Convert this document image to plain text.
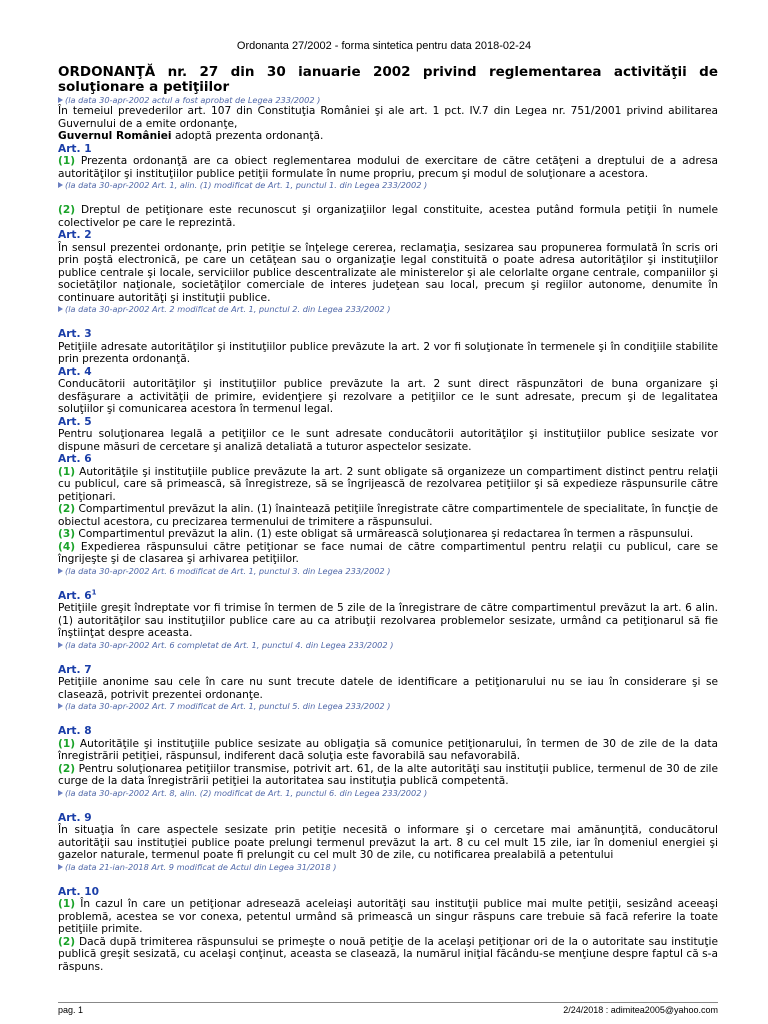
Ordonanta 27/2002 - forma sintetica pentru data 2018-02-24

ORDONANŢĂ nr. 27 din 30 ianuarie 2002 privind reglementarea activităţii de soluţionare a petiţiilor

(la data 30-apr-2002 actul a fost aprobat de Legea 233/2002 )

În temeiul prevederilor art. 107 din Constituţia României şi ale art. 1 pct. IV.7 din Legea nr. 751/2001 privind abilitarea Guvernului de a emite ordonanţe,

Guvernul României adoptă prezenta ordonanţă.

Art. 1

(1) Prezenta ordonanţă are ca obiect reglementarea modului de exercitare de către cetăţeni a dreptului de a adresa autorităţilor şi instituţiilor publice petiţii formulate în nume propriu, precum şi modul de soluţionare a acestora.

(la data 30-apr-2002 Art. 1, alin. (1) modificat de Art. 1, punctul 1. din Legea 233/2002 )

(2) Dreptul de petiţionare este recunoscut şi organizaţiilor legal constituite, acestea putând formula petiţii în numele colectivelor pe care le reprezintă.

Art. 2

În sensul prezentei ordonanţe, prin petiţie se înţelege cererea, reclamaţia, sesizarea sau propunerea formulată în scris ori prin poştă electronică, pe care un cetăţean sau o organizaţie legal constituită o poate adresa autorităţilor şi instituţiilor publice centrale şi locale, serviciilor publice descentralizate ale ministerelor şi ale celorlalte organe centrale, companiilor şi societăţilor naţionale, societăţilor comerciale de interes judeţean sau local, precum şi regiilor autonome, denumite în continuare autorităţi şi instituţii publice.

(la data 30-apr-2002 Art. 2 modificat de Art. 1, punctul 2. din Legea 233/2002 )
Art. 3

Petiţiile adresate autorităţilor şi instituţiilor publice prevăzute la art. 2 vor fi soluţionate în termenele şi în condiţiile stabilite prin prezenta ordonanţă.

Art. 4

Conducătorii autorităţilor şi instituţiilor publice prevăzute la art. 2 sunt direct răspunzători de buna organizare şi desfăşurare a activităţii de primire, evidenţiere şi rezolvare a petiţiilor ce le sunt adresate, precum şi de legalitatea soluţiilor şi comunicarea acestora în termenul legal.

Art. 5

Pentru soluţionarea legală a petiţiilor ce le sunt adresate conducătorii autorităţilor şi instituţiilor publice sesizate vor dispune măsuri de cercetare şi analiză detaliată a tuturor aspectelor sesizate.

Art. 6

(1) Autorităţile şi instituţiile publice prevăzute la art. 2 sunt obligate să organizeze un compartiment distinct pentru relaţii cu publicul, care să primească, să înregistreze, să se îngrijească de rezolvarea petiţiilor şi să expedieze răspunsurile către petiţionari.

(2) Compartimentul prevăzut la alin. (1) înaintează petiţiile înregistrate către compartimentele de specialitate, în funcţie de obiectul acestora, cu precizarea termenului de trimitere a răspunsului.

(3) Compartimentul prevăzut la alin. (1) este obligat să urmărească soluţionarea şi redactarea în termen a răspunsului.

(4) Expedierea răspunsului către petiţionar se face numai de către compartimentul pentru relaţii cu publicul, care se îngrijeşte şi de clasarea şi arhivarea petiţiilor.

(la data 30-apr-2002 Art. 6 modificat de Art. 1, punctul 3. din Legea 233/2002 )
Art. $6^1$

Petiţiile greşit îndreptate vor fi trimise în termen de 5 zile de la înregistrare de către compartimentul prevăzut la art. 6 alin. (1) autorităţilor sau instituţiilor publice care au ca atribuţii rezolvarea problemelor sesizate, urmând ca petiţionarul să fie înştiinţat despre aceasta.

(la data 30-apr-2002 Art. 6 completat de Art. 1, punctul 4. din Legea 233/2002 )
Art. 7

Petiţiile anonime sau cele în care nu sunt trecute datele de identificare a petiţionarului nu se iau în considerare şi se clasează, potrivit prezentei ordonanţe.

(la data 30-apr-2002 Art. 7 modificat de Art. 1, punctul 5. din Legea 233/2002 )
Art. 8

(1) Autorităţile şi instituţiile publice sesizate au obligaţia să comunice petiţionarului, în termen de 30 de zile de la data înregistrării petiţiei, răspunsul, indiferent dacă soluţia este favorabilă sau nefavorabilă.

(2) Pentru soluţionarea petiţiilor transmise, potrivit art. 61, de la alte autorităţi sau instituţii publice, termenul de 30 de zile curge de la data înregistrării petiţiei la autoritatea sau instituţia publică competentă.

(la data 30-apr-2002 Art. 8, alin. (2) modificat de Art. 1, punctul 6. din Legea 233/2002 )
Art. 9

În situaţia în care aspectele sesizate prin petiţie necesită o informare şi o cercetare mai amănunţită, conducătorul autorităţii sau instituţiei publice poate prelungi termenul prevăzut la art. 8 cu cel mult 15 zile, iar în domeniul energiei şi gazelor naturale, termenul poate fi prelungit cu cel mult 30 de zile, cu notificarea prealabilă a petentului

(la data 21-ian-2018 Art. 9 modificat de Actul din Legea 31/2018 )
Art. 10

(1) În cazul în care un petiţionar adresează aceleiaşi autorităţi sau instituţii publice mai multe petiţii, sesizând aceeaşi problemă, acestea se vor conexa, petentul urmând să primească un singur răspuns care trebuie să facă referire la toate petiţiile primite.

(2) Dacă după trimiterea răspunsului se primeşte o nouă petiţie de la acelaşi petiţionar ori de la o autoritate sau instituţie publică greşit sesizată, cu acelaşi conţinut, aceasta se clasează, la numărul iniţial făcându-se menţiune despre faptul că s-a răspuns.

pag. 1	2/24/2018 : adimitea2005@yahoo.com
